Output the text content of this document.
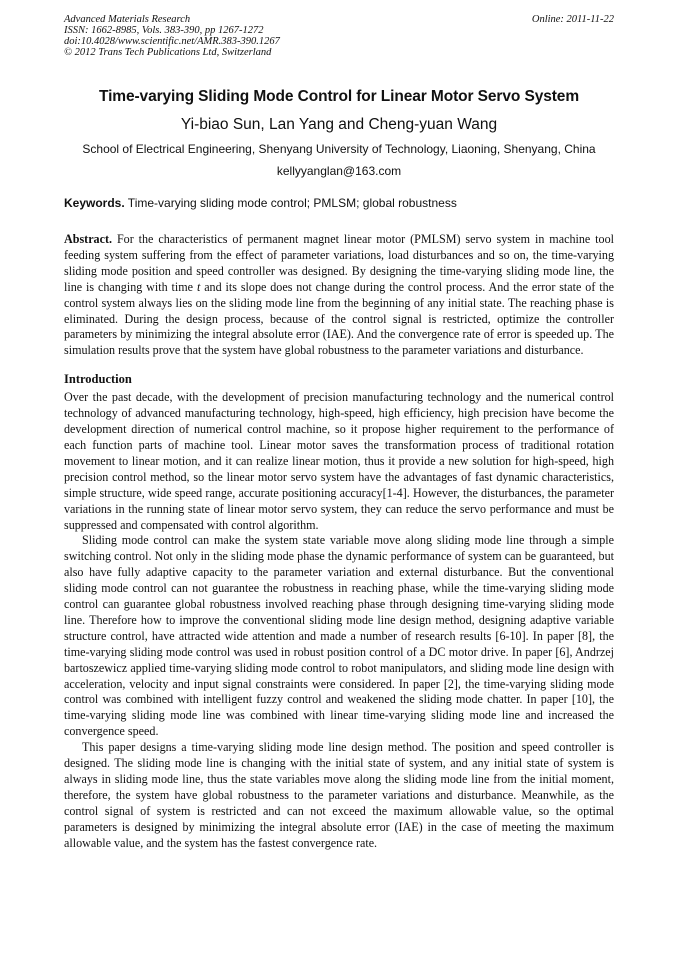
Advanced Materials Research
ISSN: 1662-8985, Vols. 383-390, pp 1267-1272
doi:10.4028/www.scientific.net/AMR.383-390.1267
© 2012 Trans Tech Publications Ltd, Switzerland
Online: 2011-11-22
Time-varying Sliding Mode Control for Linear Motor Servo System
Yi-biao Sun, Lan Yang and Cheng-yuan Wang
School of Electrical Engineering, Shenyang University of Technology, Liaoning, Shenyang, China
kellyyanglan@163.com
Keywords. Time-varying sliding mode control; PMLSM; global robustness

Abstract. For the characteristics of permanent magnet linear motor (PMLSM) servo system in machine tool feeding system suffering from the effect of parameter variations, load disturbances and so on, the time-varying sliding mode position and speed controller was designed. By designing the time-varying sliding mode line, the line is changing with time t and its slope does not change during the control process. And the error state of the control system always lies on the sliding mode line from the beginning of any initial state. The reaching phase is eliminated. During the design process, because of the control signal is restricted, optimize the controller parameters by minimizing the integral absolute error (IAE). And the convergence rate of error is speeded up. The simulation results prove that the system have global robustness to the parameter variations and disturbance.

Introduction

Over the past decade, with the development of precision manufacturing technology and the numerical control technology of advanced manufacturing technology, high-speed, high efficiency, high precision have become the development direction of numerical control machine, so it propose higher requirement to the performance of each function parts of machine tool. Linear motor saves the transformation process of traditional rotation movement to linear motion, and it can realize linear motion, thus it provide a new solution for high-speed, high precision control method, so the linear motor servo system have the advantages of fast dynamic characteristics, simple structure, wide speed range, accurate positioning accuracy[1-4]. However, the disturbances, the parameter variations in the running state of linear motor servo system, they can reduce the servo performance and must be suppressed and compensated with control algorithm.

Sliding mode control can make the system state variable move along sliding mode line through a simple switching control. Not only in the sliding mode phase the dynamic performance of system can be guaranteed, but also have fully adaptive capacity to the parameter variation and external disturbance. But the conventional sliding mode control can not guarantee the robustness in reaching phase, while the time-varying sliding mode control can guarantee global robustness involved reaching phase through designing time-varying sliding mode line. Therefore how to improve the conventional sliding mode line design method, designing adaptive variable structure control, have attracted wide attention and made a number of research results [6-10]. In paper [8], the time-varying sliding mode control was used in robust position control of a DC motor drive. In paper [6], Andrzej bartoszewicz applied time-varying sliding mode control to robot manipulators, and sliding mode line design with acceleration, velocity and input signal constraints were considered. In paper [2], the time-varying sliding mode control was combined with intelligent fuzzy control and weakened the sliding mode chatter. In paper [10], the time-varying sliding mode line was combined with linear time-varying sliding mode line and increased the convergence speed.

This paper designs a time-varying sliding mode line design method. The position and speed controller is designed. The sliding mode line is changing with the initial state of system, and any initial state of system is always in sliding mode line, thus the state variables move along the sliding mode line from the initial moment, therefore, the system have global robustness to the parameter variations and disturbance. Meanwhile, as the control signal of system is restricted and can not exceed the maximum allowable value, so the optimal parameters is designed by minimizing the integral absolute error (IAE) in the case of meeting the maximum allowable value, and the system has the fastest convergence rate.
